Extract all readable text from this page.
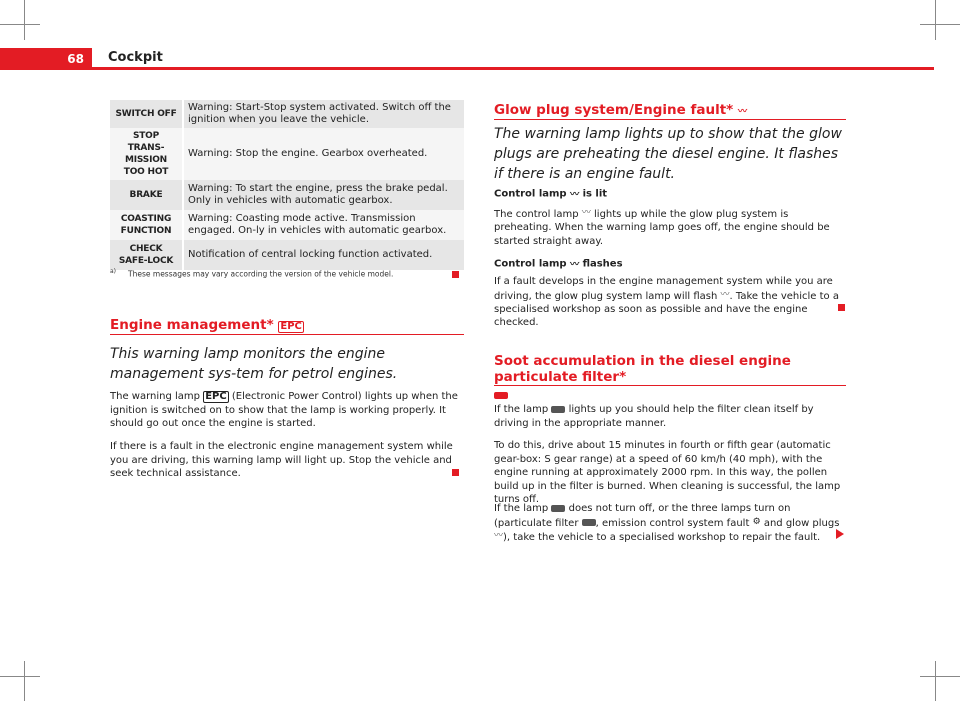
68	Cockpit
SWITCH OFF	Warning: Start-Stop system activated. Switch off the ignition when you leave the vehicle.
STOP TRANS-MISSION TOO HOT	Warning: Stop the engine. Gearbox overheated.
BRAKE	Warning: To start the engine, press the brake pedal. Only in vehicles with automatic gearbox.
COASTING FUNCTION	Warning: Coasting mode active. Transmission engaged. On-ly in vehicles with automatic gearbox.
CHECK SAFE-LOCK	Notification of central locking function activated.
$^{a)}$ These messages may vary according the version of the vehicle model.
Engine management* EPC
This warning lamp monitors the engine management sys-tem for petrol engines.
The warning lamp EPC (Electronic Power Control) lights up when the ignition is switched on to show that the lamp is working properly. It should go out once the engine is started.
If there is a fault in the electronic engine management system while you are driving, this warning lamp will light up. Stop the vehicle and seek technical assistance.
Glow plug system/Engine fault* 〰
The warning lamp lights up to show that the glow plugs are preheating the diesel engine. It flashes if there is an engine fault.
Control lamp 〰 is lit
The control lamp 〰 lights up while the glow plug system is preheating. When the warning lamp goes off, the engine should be started straight away.
Control lamp 〰 flashes
If a fault develops in the engine management system while you are driving, the glow plug system lamp will flash 〰. Take the vehicle to a specialised workshop as soon as possible and have the engine checked.
Soot accumulation in the diesel engine particulate filter*

If the lamp lights up you should help the filter clean itself by driving in the appropriate manner.
To do this, drive about 15 minutes in fourth or fifth gear (automatic gear-box: S gear range) at a speed of 60 km/h (40 mph), with the engine running at approximately 2000 rpm. In this way, the pollen build up in the filter is burned. When cleaning is successful, the lamp turns off.
If the lamp does not turn off, or the three lamps turn on (particulate filter , emission control system fault ⚙ and glow plugs 〰), take the vehicle to a specialised workshop to repair the fault.
